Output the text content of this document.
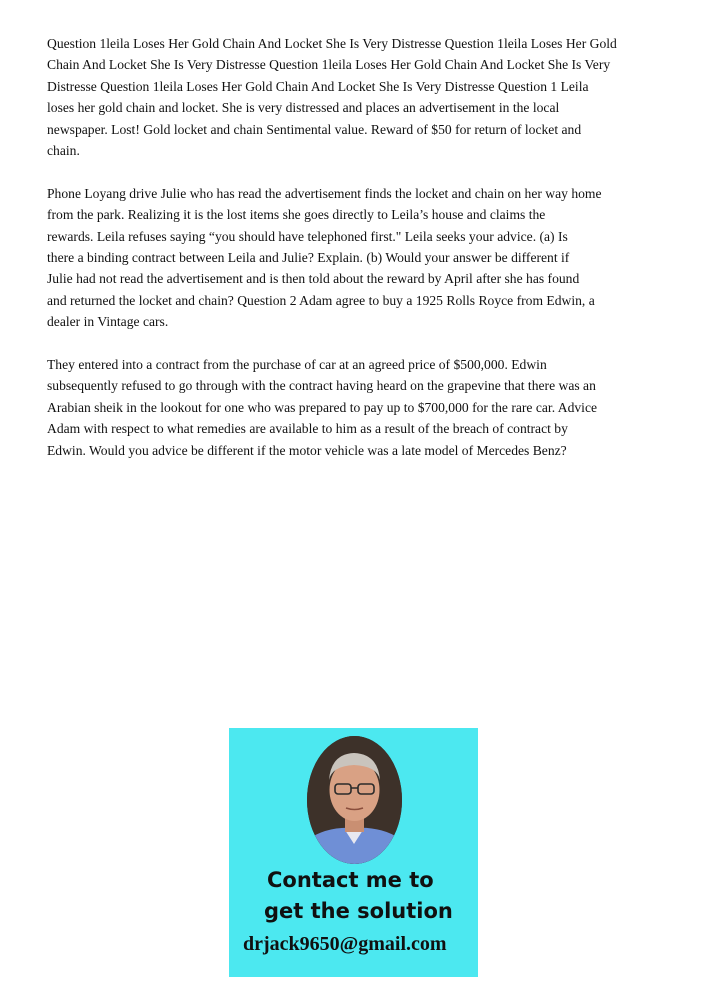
Question 1leila Loses Her Gold Chain And Locket She Is Very Distresse Question 1leila Loses Her Gold
Chain And Locket She Is Very Distresse Question 1leila Loses Her Gold Chain And Locket She Is Very
Distresse Question 1leila Loses Her Gold Chain And Locket She Is Very Distresse Question 1 Leila
loses her gold chain and locket. She is very distressed and places an advertisement in the local
newspaper. Lost! Gold locket and chain Sentimental value. Reward of $50 for return of locket and
chain.
Phone Loyang drive Julie who has read the advertisement finds the locket and chain on her way home
from the park. Realizing it is the lost items she goes directly to Leila’s house and claims the
rewards. Leila refuses saying “you should have telephoned first." Leila seeks your advice. (a) Is
there a binding contract between Leila and Julie? Explain. (b) Would your answer be different if
Julie had not read the advertisement and is then told about the reward by April after she has found
and returned the locket and chain? Question 2 Adam agree to buy a 1925 Rolls Royce from Edwin, a
dealer in Vintage cars.
They entered into a contract from the purchase of car at an agreed price of $500,000. Edwin
subsequently refused to go through with the contract having heard on the grapevine that there was an
Arabian sheik in the lookout for one who was prepared to pay up to $700,000 for the rare car. Advice
Adam with respect to what remedies are available to him as a result of the breach of contract by
Edwin. Would you advice be different if the motor vehicle was a late model of Mercedes Benz?
Contact me to
get the solution
drjack9650@gmail.com
